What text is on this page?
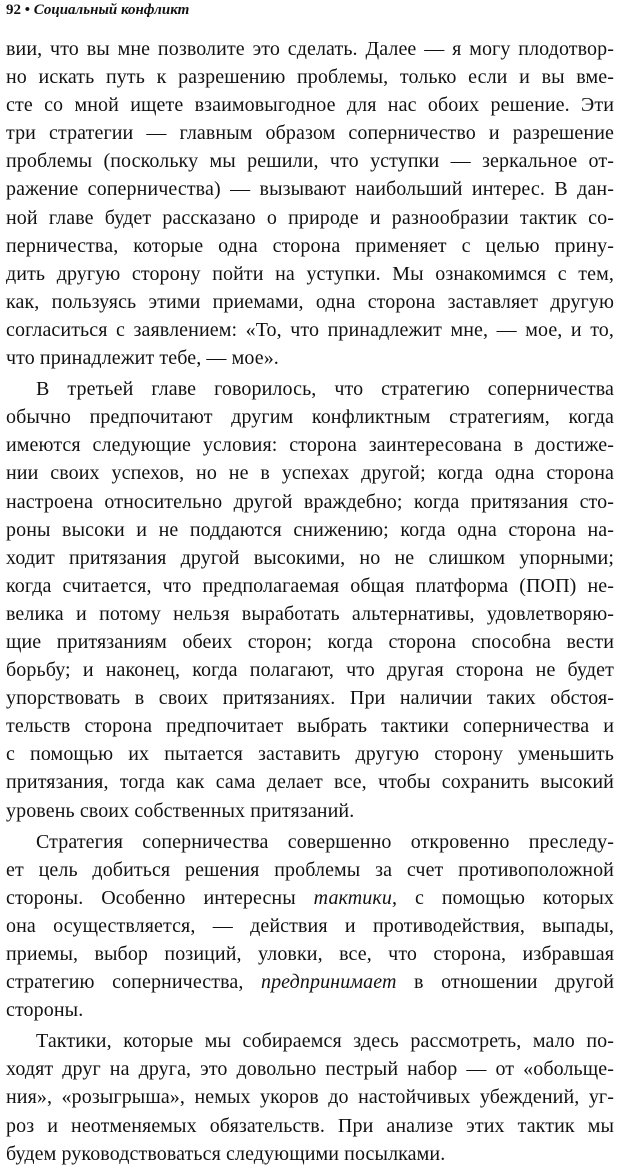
92 • Социальный конфликт
вии, что вы мне позволите это сделать. Далее — я могу плодотвор-
но искать путь к разрешению проблемы, только если и вы вме-
сте со мной ищете взаимовыгодное для нас обоих решение. Эти
три стратегии — главным образом соперничество и разрешение
проблемы (поскольку мы решили, что уступки — зеркальное от-
ражение соперничества) — вызывают наибольший интерес. В дан-
ной главе будет рассказано о природе и разнообразии тактик со-
перничества, которые одна сторона применяет с целью прину-
дить другую сторону пойти на уступки. Мы ознакомимся с тем,
как, пользуясь этими приемами, одна сторона заставляет другую
согласиться с заявлением: «То, что принадлежит мне, — мое, и то,
что принадлежит тебе, — мое».
В третьей главе говорилось, что стратегию соперничества
обычно предпочитают другим конфликтным стратегиям, когда
имеются следующие условия: сторона заинтересована в достиже-
нии своих успехов, но не в успехах другой; когда одна сторона
настроена относительно другой враждебно; когда притязания сто-
роны высоки и не поддаются снижению; когда одна сторона на-
ходит притязания другой высокими, но не слишком упорными;
когда считается, что предполагаемая общая платформа (ПОП) не-
велика и потому нельзя выработать альтернативы, удовлетворяю-
щие притязаниям обеих сторон; когда сторона способна вести
борьбу; и наконец, когда полагают, что другая сторона не будет
упорствовать в своих притязаниях. При наличии таких обстоя-
тельств сторона предпочитает выбрать тактики соперничества и
с помощью их пытается заставить другую сторону уменьшить
притязания, тогда как сама делает все, чтобы сохранить высокий
уровень своих собственных притязаний.
Стратегия соперничества совершенно откровенно преследу-
ет цель добиться решения проблемы за счет противоположной
стороны. Особенно интересны тактики, с помощью которых
она осуществляется, — действия и противодействия, выпады,
приемы, выбор позиций, уловки, все, что сторона, избравшая
стратегию соперничества, предпринимает в отношении другой
стороны.
Тактики, которые мы собираемся здесь рассмотреть, мало по-
ходят друг на друга, это довольно пестрый набор — от «обольще-
ния», «розыгрыша», немых укоров до настойчивых убеждений, уг-
роз и неотменяемых обязательств. При анализе этих тактик мы
будем руководствоваться следующими посылками.
